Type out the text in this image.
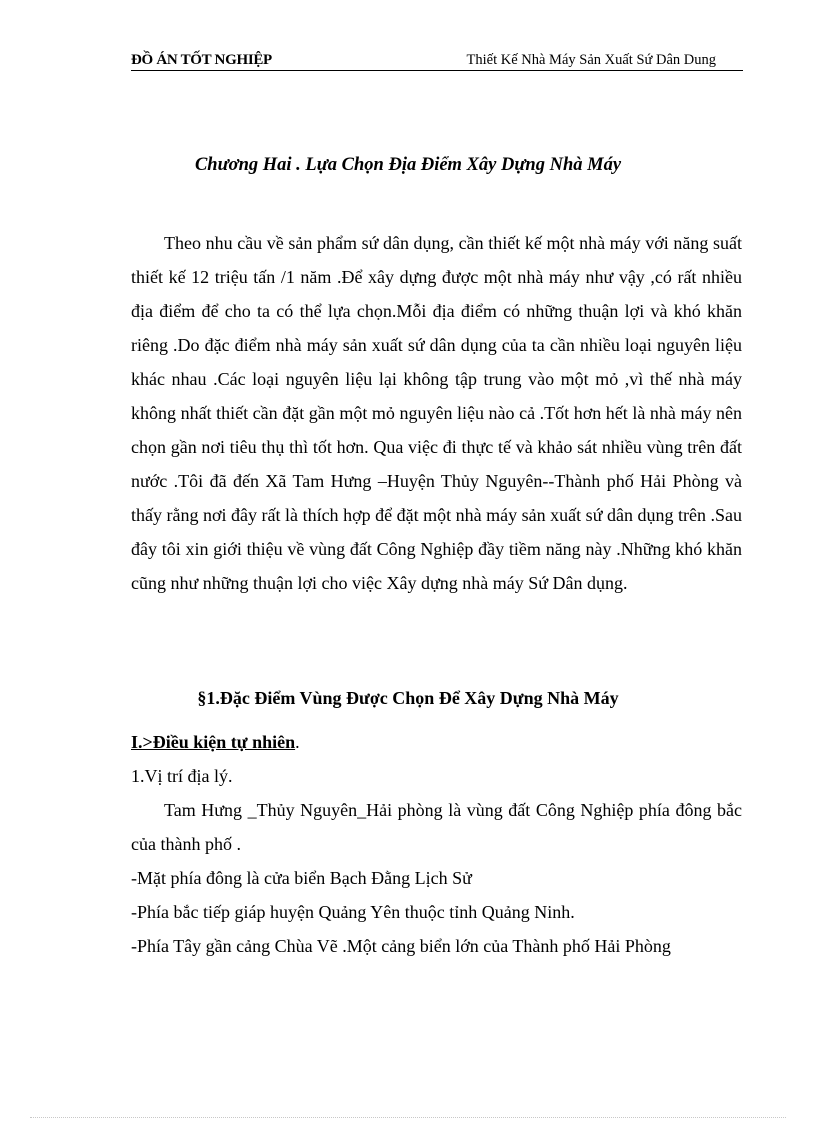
ĐỒ ÁN TỐT NGHIỆP	Thiết Kế Nhà Máy Sản Xuất Sứ Dân Dung
Chương Hai . Lựa Chọn Địa Điểm Xây Dựng Nhà Máy

Theo nhu cầu về sản phẩm sứ dân dụng, cần thiết kế một nhà máy với năng suất thiết kế 12 triệu tấn /1 năm .Để xây dựng được một nhà máy như vậy ,có rất nhiều địa điểm để cho ta có thể lựa chọn.Mỗi địa điểm có những thuận lợi và khó khăn riêng .Do đặc điểm nhà máy sản xuất sứ dân dụng của ta cần nhiều loại nguyên liệu khác nhau .Các loại nguyên liệu lại không tập trung vào một mỏ ,vì thế nhà máy không nhất thiết cần đặt gần một mỏ nguyên liệu nào cả .Tốt hơn hết là nhà máy nên chọn gần nơi tiêu thụ thì tốt hơn. Qua việc đi thực tế và khảo sát nhiều vùng trên đất nước .Tôi đã đến Xã Tam Hưng –Huyện Thủy Nguyên--Thành phố Hải Phòng và thấy rằng nơi đây rất là thích hợp để đặt một nhà máy sản xuất sứ dân dụng trên .Sau đây tôi xin giới thiệu về vùng đất Công Nghiệp đầy tiềm năng này .Những khó khăn cũng như những thuận lợi cho việc Xây dựng nhà máy Sứ Dân dụng.

§1.Đặc Điểm Vùng Được Chọn Để Xây Dựng Nhà Máy
I.>Điều kiện tự nhiên.
1.Vị trí địa lý.
Tam Hưng _Thủy Nguyên_Hải phòng là vùng đất Công Nghiệp phía đông bắc của thành phố .
-Mặt phía đông là cửa biển Bạch Đằng Lịch Sử
-Phía bắc tiếp giáp huyện Quảng Yên thuộc tỉnh Quảng Ninh.
-Phía Tây gần cảng Chùa Vẽ .Một cảng biển lớn của Thành phố Hải Phòng
